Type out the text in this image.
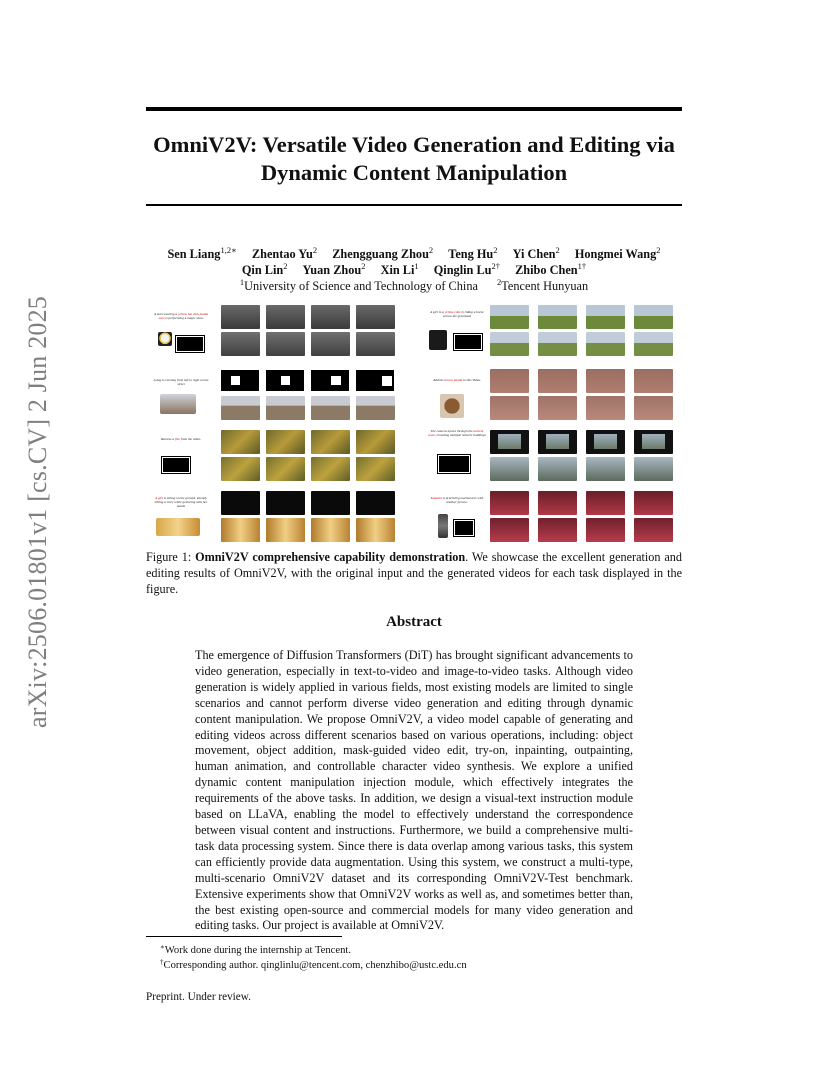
arXiv:2506.01801v1 [cs.CV] 2 Jun 2025
OmniV2V: Versatile Video Generation and Editing via
Dynamic Content Manipulation
Sen Liang$^{1,2∗}$ Zhentao Yu$^2$ Zhengguang Zhou$^2$ Teng Hu$^2$ Yi Chen$^2$ Hongmei Wang$^2$
Qin Lin$^2$ Yuan Zhou$^2$ Xin Li$^1$ Qinglin $Lu^{2\dagger}$ Zhibo Chen$^{1\dagger}$
$^1$University of Science and Technology of China $^2$Tencent Hunyuan
A man wearing a yellow hat with panda ears is performing a magic show
A girl in a yellow robe is riding a horse across the grassland
A dog is running from left to right on the street
Add the brown panda to this Video.
Remove a fish from the video.
The camera moves through the ancient town, revealing multiple historic buildings
A girl is sitting on the ground, intently telling a story while gesturing with her hands
Kakashi is practicing martial arts with another person.
Figure 1: OmniV2V comprehensive capability demonstration. We showcase the excellent generation and editing results of OmniV2V, with the original input and the generated videos for each task displayed in the figure.
Abstract
The emergence of Diffusion Transformers (DiT) has brought significant advancements to video generation, especially in text-to-video and image-to-video tasks. Although video generation is widely applied in various fields, most existing models are limited to single scenarios and cannot perform diverse video generation and editing through dynamic content manipulation. We propose OmniV2V, a video model capable of generating and editing videos across different scenarios based on various operations, including: object movement, object addition, mask-guided video edit, try-on, inpainting, outpainting, human animation, and controllable character video synthesis. We explore a unified dynamic content manipulation injection module, which effectively integrates the requirements of the above tasks. In addition, we design a visual-text instruction module based on LLaVA, enabling the model to effectively understand the correspondence between visual content and instructions. Furthermore, we build a comprehensive multi-task data processing system. Since there is data overlap among various tasks, this system can efficiently provide data augmentation. Using this system, we construct a multi-type, multi-scenario OmniV2V dataset and its corresponding OmniV2V-Test benchmark. Extensive experiments show that OmniV2V works as well as, and sometimes better than, the best existing open-source and commercial models for many video generation and editing tasks. Our project is available at OmniV2V.
∗Work done during the internship at Tencent.
†Corresponding author. qinglinlu@tencent.com, chenzhibo@ustc.edu.cn
Preprint. Under review.
